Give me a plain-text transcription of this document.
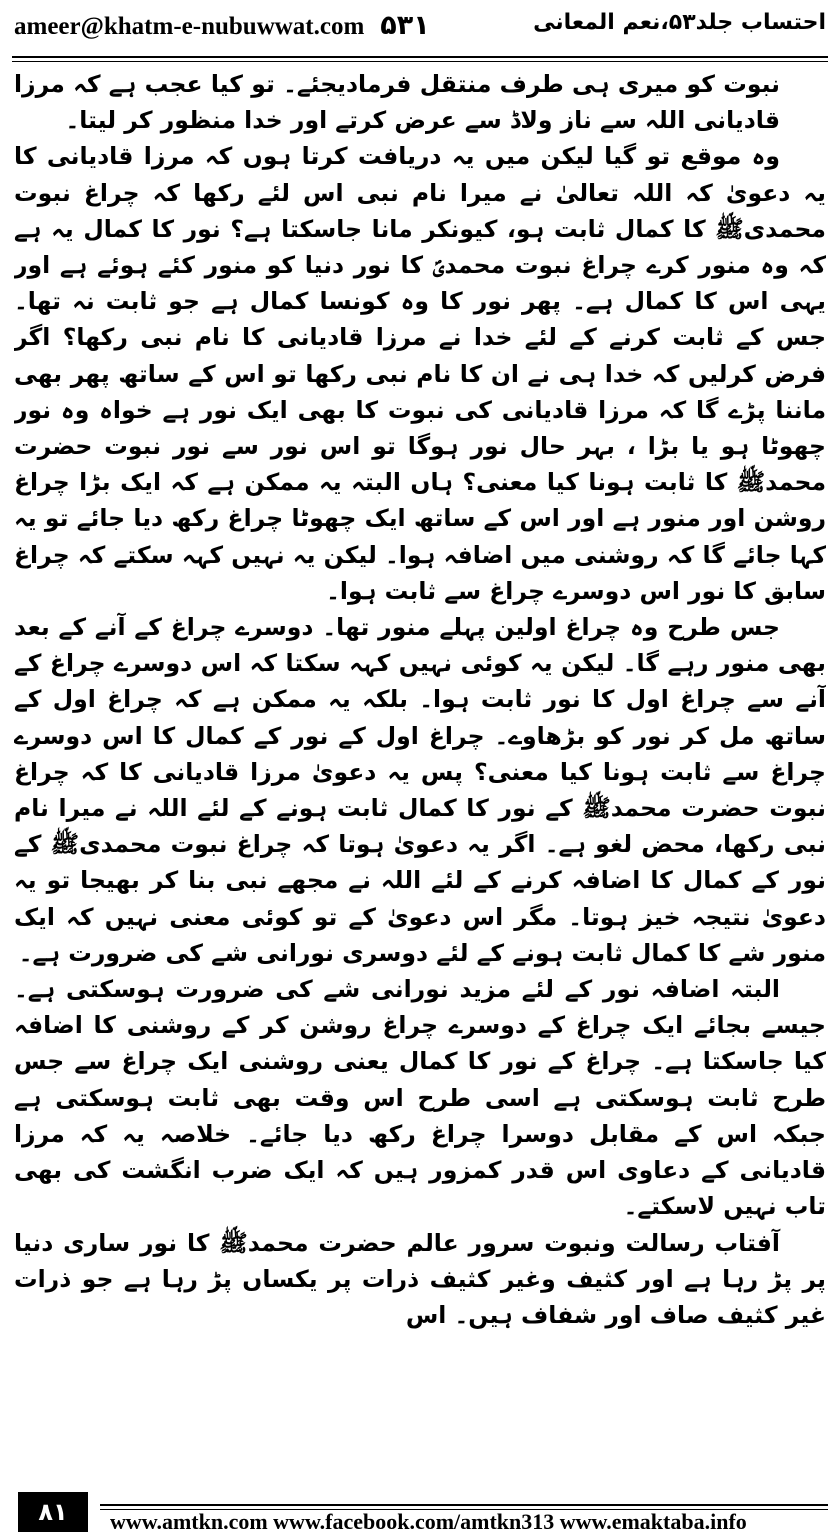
ameer@khatm-e-nubuwwat.com ۵۳۱	احتساب جلد۵۳،نعم المعانی

نبوت کو میری ہی طرف منتقل فرمادیجئے۔ تو کیا عجب ہے کہ مرزا قادیانی اللہ سے ناز ولاڈ سے عرض کرتے اور خدا منظور کر لیتا۔

وہ موقع تو گیا لیکن میں یہ دریافت کرتا ہوں کہ مرزا قادیانی کا یہ دعویٰ کہ اللہ تعالیٰ نے میرا نام نبی اس لئے رکھا کہ چراغ نبوت محمدیﷺ کا کمال ثابت ہو، کیونکر مانا جاسکتا ہے؟ نور کا کمال یہ ہے کہ وہ منور کرے چراغ نبوت محمدیؐ کا نور دنیا کو منور کئے ہوئے ہے اور یہی اس کا کمال ہے۔ پھر نور کا وہ کونسا کمال ہے جو ثابت نہ تھا۔ جس کے ثابت کرنے کے لئے خدا نے مرزا قادیانی کا نام نبی رکھا؟ اگر فرض کرلیں کہ خدا ہی نے ان کا نام نبی رکھا تو اس کے ساتھ پھر بھی ماننا پڑے گا کہ مرزا قادیانی کی نبوت کا بھی ایک نور ہے خواہ وہ نور چھوٹا ہو یا بڑا ، بہر حال نور ہوگا تو اس نور سے نور نبوت حضرت محمدﷺ کا ثابت ہونا کیا معنی؟ ہاں البتہ یہ ممکن ہے کہ ایک بڑا چراغ روشن اور منور ہے اور اس کے ساتھ ایک چھوٹا چراغ رکھ دیا جائے تو یہ کہا جائے گا کہ روشنی میں اضافہ ہوا۔ لیکن یہ نہیں کہہ سکتے کہ چراغ سابق کا نور اس دوسرے چراغ سے ثابت ہوا۔

جس طرح وہ چراغ اولین پہلے منور تھا۔ دوسرے چراغ کے آنے کے بعد بھی منور رہے گا۔ لیکن یہ کوئی نہیں کہہ سکتا کہ اس دوسرے چراغ کے آنے سے چراغ اول کا نور ثابت ہوا۔ بلکہ یہ ممکن ہے کہ چراغ اول کے ساتھ مل کر نور کو بڑھاوے۔ چراغ اول کے نور کے کمال کا اس دوسرے چراغ سے ثابت ہونا کیا معنی؟ پس یہ دعویٰ مرزا قادیانی کا کہ چراغ نبوت حضرت محمدﷺ کے نور کا کمال ثابت ہونے کے لئے اللہ نے میرا نام نبی رکھا، محض لغو ہے۔ اگر یہ دعویٰ ہوتا کہ چراغ نبوت محمدیﷺ کے نور کے کمال کا اضافہ کرنے کے لئے اللہ نے مجھے نبی بنا کر بھیجا تو یہ دعویٰ نتیجہ خیز ہوتا۔ مگر اس دعویٰ کے تو کوئی معنی نہیں کہ ایک منور شے کا کمال ثابت ہونے کے لئے دوسری نورانی شے کی ضرورت ہے۔

البتہ اضافہ نور کے لئے مزید نورانی شے کی ضرورت ہوسکتی ہے۔ جیسے بجائے ایک چراغ کے دوسرے چراغ روشن کر کے روشنی کا اضافہ کیا جاسکتا ہے۔ چراغ کے نور کا کمال یعنی روشنی ایک چراغ سے جس طرح ثابت ہوسکتی ہے اسی طرح اس وقت بھی ثابت ہوسکتی ہے جبکہ اس کے مقابل دوسرا چراغ رکھ دیا جائے۔ خلاصہ یہ کہ مرزا قادیانی کے دعاوی اس قدر کمزور ہیں کہ ایک ضرب انگشت کی بھی تاب نہیں لاسکتے۔

آفتاب رسالت ونبوت سرور عالم حضرت محمدﷺ کا نور ساری دنیا پر پڑ رہا ہے اور کثیف وغیر کثیف ذرات پر یکساں پڑ رہا ہے جو ذرات غیر کثیف صاف اور شفاف ہیں۔ اس

۸۱	www.amtkn.com www.facebook.com/amtkn313 www.emaktaba.info
